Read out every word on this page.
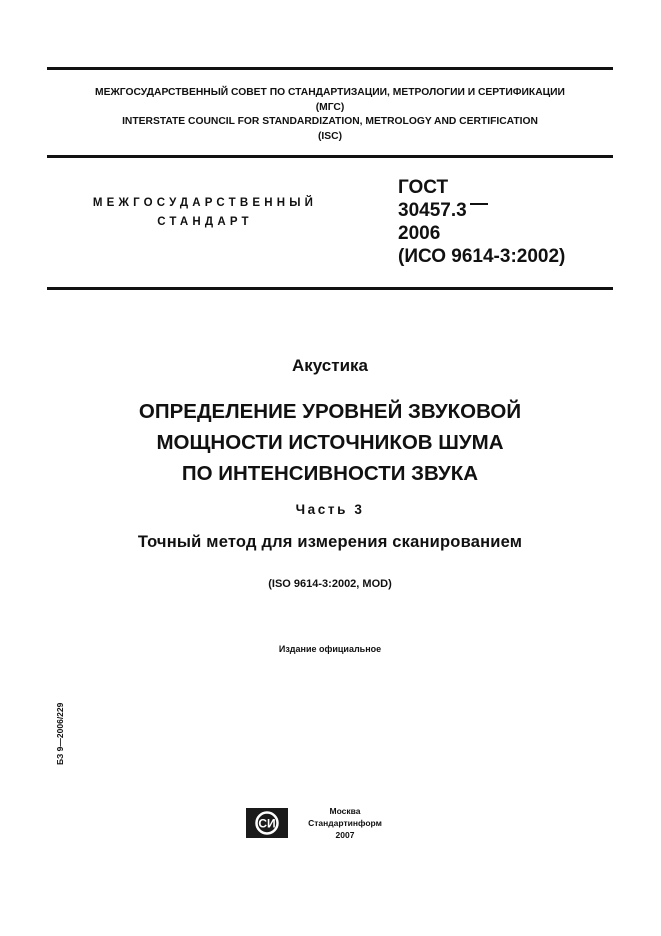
МЕЖГОСУДАРСТВЕННЫЙ СОВЕТ ПО СТАНДАРТИЗАЦИИ, МЕТРОЛОГИИ И СЕРТИФИКАЦИИ
(МГС)
INTERSTATE COUNCIL FOR STANDARDIZATION, METROLOGY AND CERTIFICATION
(ISC)
МЕЖГОСУДАРСТВЕННЫЙ
СТАНДАРТ
ГОСТ
30457.3
2006
(ИСО 9614-3:2002)
Акустика
ОПРЕДЕЛЕНИЕ УРОВНЕЙ ЗВУКОВОЙ
МОЩНОСТИ ИСТОЧНИКОВ ШУМА
ПО ИНТЕНСИВНОСТИ ЗВУКА
Часть 3
Точный метод для измерения сканированием
(ISO 9614-3:2002, MOD)
Издание официальное
БЗ 9—2006/229
СИ
Москва
Стандартинформ
2007
